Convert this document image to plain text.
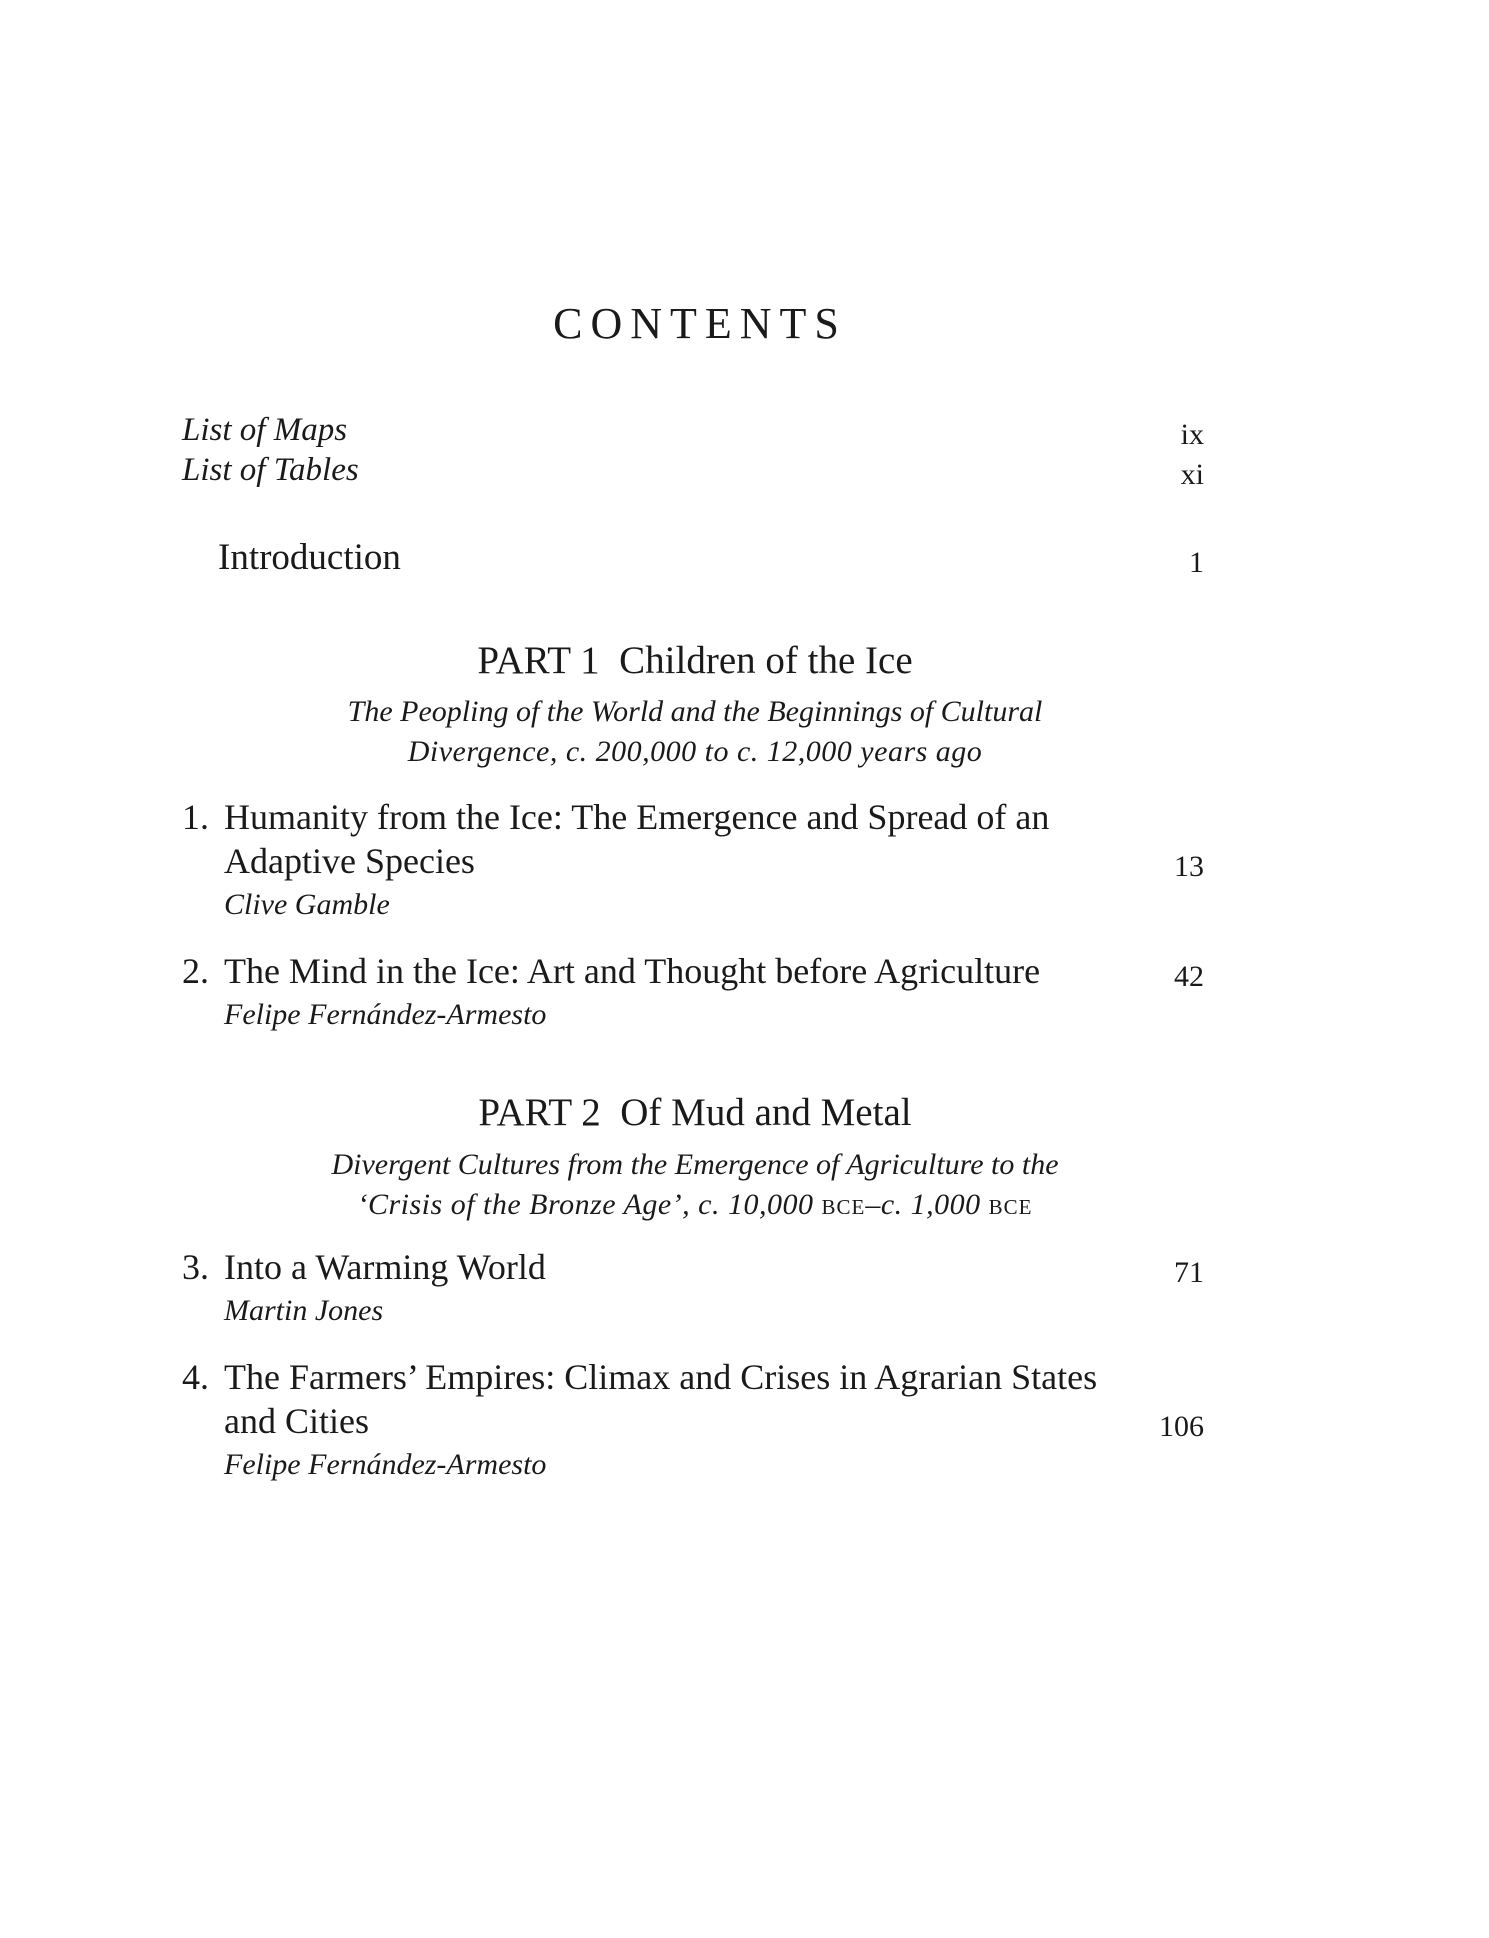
CONTENTS
List of Maps	ix
List of Tables	xi
Introduction	1
PART 1 Children of the Ice
The Peopling of the World and the Beginnings of Cultural
Divergence, c. 200,000 to c. 12,000 years ago
1. Humanity from the Ice: The Emergence and Spread of an
Adaptive Species	13
Clive Gamble
2. The Mind in the Ice: Art and Thought before Agriculture	42
Felipe Fernández-Armesto
PART 2 Of Mud and Metal
Divergent Cultures from the Emergence of Agriculture to the
‘Crisis of the Bronze Age’, c. 10,000 bce–c. 1,000 bce
3. Into a Warming World	71
Martin Jones
4. The Farmers’ Empires: Climax and Crises in Agrarian States
and Cities	106
Felipe Fernández-Armesto
